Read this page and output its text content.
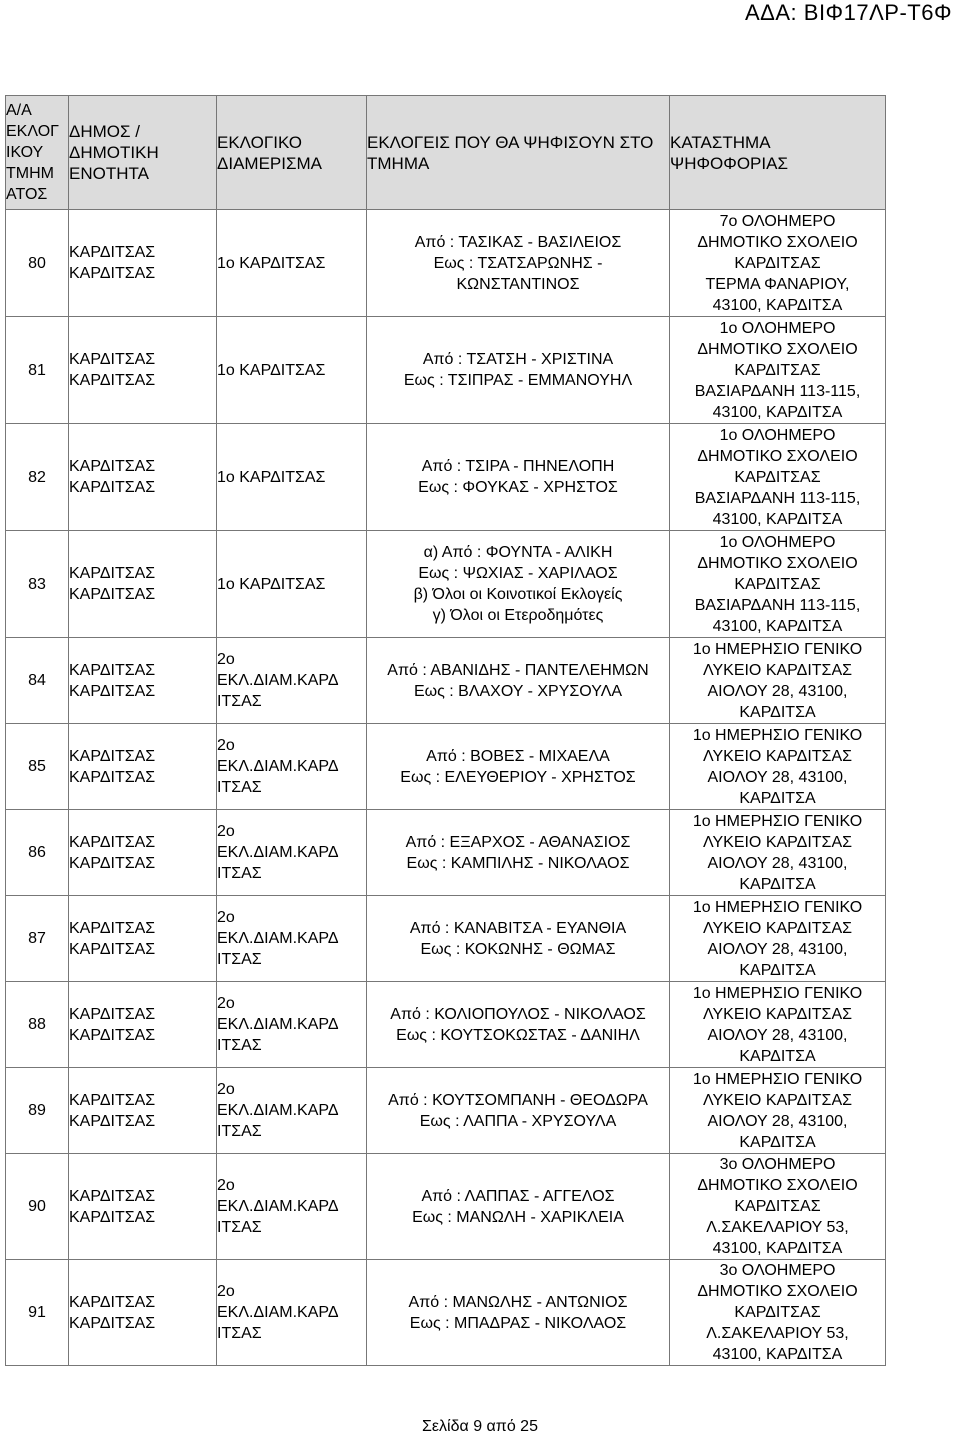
ΑΔΑ: ΒΙΦ17ΛΡ-Τ6Φ
Α/Α
ΕΚΛΟΓ
ΙΚΟΥ
ΤΜΗΜ
ΑΤΟΣ	ΔΗΜΟΣ /
ΔΗΜΟΤΙΚΗ
ΕΝΟΤΗΤΑ	ΕΚΛΟΓΙΚΟ
ΔΙΑΜΕΡΙΣΜΑ	ΕΚΛΟΓΕΙΣ ΠΟΥ ΘΑ ΨΗΦΙΣΟΥΝ ΣΤΟ
ΤΜΗΜΑ	ΚΑΤΑΣΤΗΜΑ
ΨΗΦΟΦΟΡΙΑΣ
80	ΚΑΡΔΙΤΣΑΣ
ΚΑΡΔΙΤΣΑΣ	1ο ΚΑΡΔΙΤΣΑΣ	Από : ΤΑΣΙΚΑΣ - ΒΑΣΙΛΕΙΟΣ
Εως : ΤΣΑΤΣΑΡΩΝΗΣ -
ΚΩΝΣΤΑΝΤΙΝΟΣ	7ο ΟΛΟΗΜΕΡΟ
ΔΗΜΟΤΙΚΟ ΣΧΟΛΕΙΟ
ΚΑΡΔΙΤΣΑΣ
ΤΕΡΜΑ ΦΑΝΑΡΙΟΥ,
43100, ΚΑΡΔΙΤΣΑ
81	ΚΑΡΔΙΤΣΑΣ
ΚΑΡΔΙΤΣΑΣ	1ο ΚΑΡΔΙΤΣΑΣ	Από : ΤΣΑΤΣΗ - ΧΡΙΣΤΙΝΑ
Εως : ΤΣΙΠΡΑΣ - ΕΜΜΑΝΟΥΗΛ	1ο ΟΛΟΗΜΕΡΟ
ΔΗΜΟΤΙΚΟ ΣΧΟΛΕΙΟ
ΚΑΡΔΙΤΣΑΣ
ΒΑΣΙΑΡΔΑΝΗ 113-115,
43100, ΚΑΡΔΙΤΣΑ
82	ΚΑΡΔΙΤΣΑΣ
ΚΑΡΔΙΤΣΑΣ	1ο ΚΑΡΔΙΤΣΑΣ	Από : ΤΣΙΡΑ - ΠΗΝΕΛΟΠΗ
Εως : ΦΟΥΚΑΣ - ΧΡΗΣΤΟΣ	1ο ΟΛΟΗΜΕΡΟ
ΔΗΜΟΤΙΚΟ ΣΧΟΛΕΙΟ
ΚΑΡΔΙΤΣΑΣ
ΒΑΣΙΑΡΔΑΝΗ 113-115,
43100, ΚΑΡΔΙΤΣΑ
83	ΚΑΡΔΙΤΣΑΣ
ΚΑΡΔΙΤΣΑΣ	1ο ΚΑΡΔΙΤΣΑΣ	α) Από : ΦΟΥΝΤΑ - ΑΛΙΚΗ
Εως : ΨΩΧΙΑΣ - ΧΑΡΙΛΑΟΣ
β) Όλοι οι Κοινοτικοί Εκλογείς
γ) Όλοι οι Ετεροδημότες	1ο ΟΛΟΗΜΕΡΟ
ΔΗΜΟΤΙΚΟ ΣΧΟΛΕΙΟ
ΚΑΡΔΙΤΣΑΣ
ΒΑΣΙΑΡΔΑΝΗ 113-115,
43100, ΚΑΡΔΙΤΣΑ
84	ΚΑΡΔΙΤΣΑΣ
ΚΑΡΔΙΤΣΑΣ	2ο
ΕΚΛ.ΔΙΑΜ.ΚΑΡΔ
ΙΤΣΑΣ	Από : ΑΒΑΝΙΔΗΣ - ΠΑΝΤΕΛΕΗΜΩΝ
Εως : ΒΛΑΧΟΥ - ΧΡΥΣΟΥΛΑ	1ο ΗΜΕΡΗΣΙΟ ΓΕΝΙΚΟ
ΛΥΚΕΙΟ ΚΑΡΔΙΤΣΑΣ
ΑΙΟΛΟΥ 28, 43100,
ΚΑΡΔΙΤΣΑ
85	ΚΑΡΔΙΤΣΑΣ
ΚΑΡΔΙΤΣΑΣ	2ο
ΕΚΛ.ΔΙΑΜ.ΚΑΡΔ
ΙΤΣΑΣ	Από : ΒΟΒΕΣ - ΜΙΧΑΕΛΑ
Εως : ΕΛΕΥΘΕΡΙΟΥ - ΧΡΗΣΤΟΣ	1ο ΗΜΕΡΗΣΙΟ ΓΕΝΙΚΟ
ΛΥΚΕΙΟ ΚΑΡΔΙΤΣΑΣ
ΑΙΟΛΟΥ 28, 43100,
ΚΑΡΔΙΤΣΑ
86	ΚΑΡΔΙΤΣΑΣ
ΚΑΡΔΙΤΣΑΣ	2ο
ΕΚΛ.ΔΙΑΜ.ΚΑΡΔ
ΙΤΣΑΣ	Από : ΕΞΑΡΧΟΣ - ΑΘΑΝΑΣΙΟΣ
Εως : ΚΑΜΠΙΛΗΣ - ΝΙΚΟΛΑΟΣ	1ο ΗΜΕΡΗΣΙΟ ΓΕΝΙΚΟ
ΛΥΚΕΙΟ ΚΑΡΔΙΤΣΑΣ
ΑΙΟΛΟΥ 28, 43100,
ΚΑΡΔΙΤΣΑ
87	ΚΑΡΔΙΤΣΑΣ
ΚΑΡΔΙΤΣΑΣ	2ο
ΕΚΛ.ΔΙΑΜ.ΚΑΡΔ
ΙΤΣΑΣ	Από : ΚΑΝΑΒΙΤΣΑ - ΕΥΑΝΘΙΑ
Εως : ΚΟΚΩΝΗΣ - ΘΩΜΑΣ	1ο ΗΜΕΡΗΣΙΟ ΓΕΝΙΚΟ
ΛΥΚΕΙΟ ΚΑΡΔΙΤΣΑΣ
ΑΙΟΛΟΥ 28, 43100,
ΚΑΡΔΙΤΣΑ
88	ΚΑΡΔΙΤΣΑΣ
ΚΑΡΔΙΤΣΑΣ	2ο
ΕΚΛ.ΔΙΑΜ.ΚΑΡΔ
ΙΤΣΑΣ	Από : ΚΟΛΙΟΠΟΥΛΟΣ - ΝΙΚΟΛΑΟΣ
Εως : ΚΟΥΤΣΟΚΩΣΤΑΣ - ΔΑΝΙΗΛ	1ο ΗΜΕΡΗΣΙΟ ΓΕΝΙΚΟ
ΛΥΚΕΙΟ ΚΑΡΔΙΤΣΑΣ
ΑΙΟΛΟΥ 28, 43100,
ΚΑΡΔΙΤΣΑ
89	ΚΑΡΔΙΤΣΑΣ
ΚΑΡΔΙΤΣΑΣ	2ο
ΕΚΛ.ΔΙΑΜ.ΚΑΡΔ
ΙΤΣΑΣ	Από : ΚΟΥΤΣΟΜΠΑΝΗ - ΘΕΟΔΩΡΑ
Εως : ΛΑΠΠΑ - ΧΡΥΣΟΥΛΑ	1ο ΗΜΕΡΗΣΙΟ ΓΕΝΙΚΟ
ΛΥΚΕΙΟ ΚΑΡΔΙΤΣΑΣ
ΑΙΟΛΟΥ 28, 43100,
ΚΑΡΔΙΤΣΑ
90	ΚΑΡΔΙΤΣΑΣ
ΚΑΡΔΙΤΣΑΣ	2ο
ΕΚΛ.ΔΙΑΜ.ΚΑΡΔ
ΙΤΣΑΣ	Από : ΛΑΠΠΑΣ - ΑΓΓΕΛΟΣ
Εως : ΜΑΝΩΛΗ - ΧΑΡΙΚΛΕΙΑ	3ο ΟΛΟΗΜΕΡΟ
ΔΗΜΟΤΙΚΟ ΣΧΟΛΕΙΟ
ΚΑΡΔΙΤΣΑΣ
Λ.ΣΑΚΕΛΑΡΙΟΥ 53,
43100, ΚΑΡΔΙΤΣΑ
91	ΚΑΡΔΙΤΣΑΣ
ΚΑΡΔΙΤΣΑΣ	2ο
ΕΚΛ.ΔΙΑΜ.ΚΑΡΔ
ΙΤΣΑΣ	Από : ΜΑΝΩΛΗΣ - ΑΝΤΩΝΙΟΣ
Εως : ΜΠΑΔΡΑΣ - ΝΙΚΟΛΑΟΣ	3ο ΟΛΟΗΜΕΡΟ
ΔΗΜΟΤΙΚΟ ΣΧΟΛΕΙΟ
ΚΑΡΔΙΤΣΑΣ
Λ.ΣΑΚΕΛΑΡΙΟΥ 53,
43100, ΚΑΡΔΙΤΣΑ
Σελίδα 9 από 25
